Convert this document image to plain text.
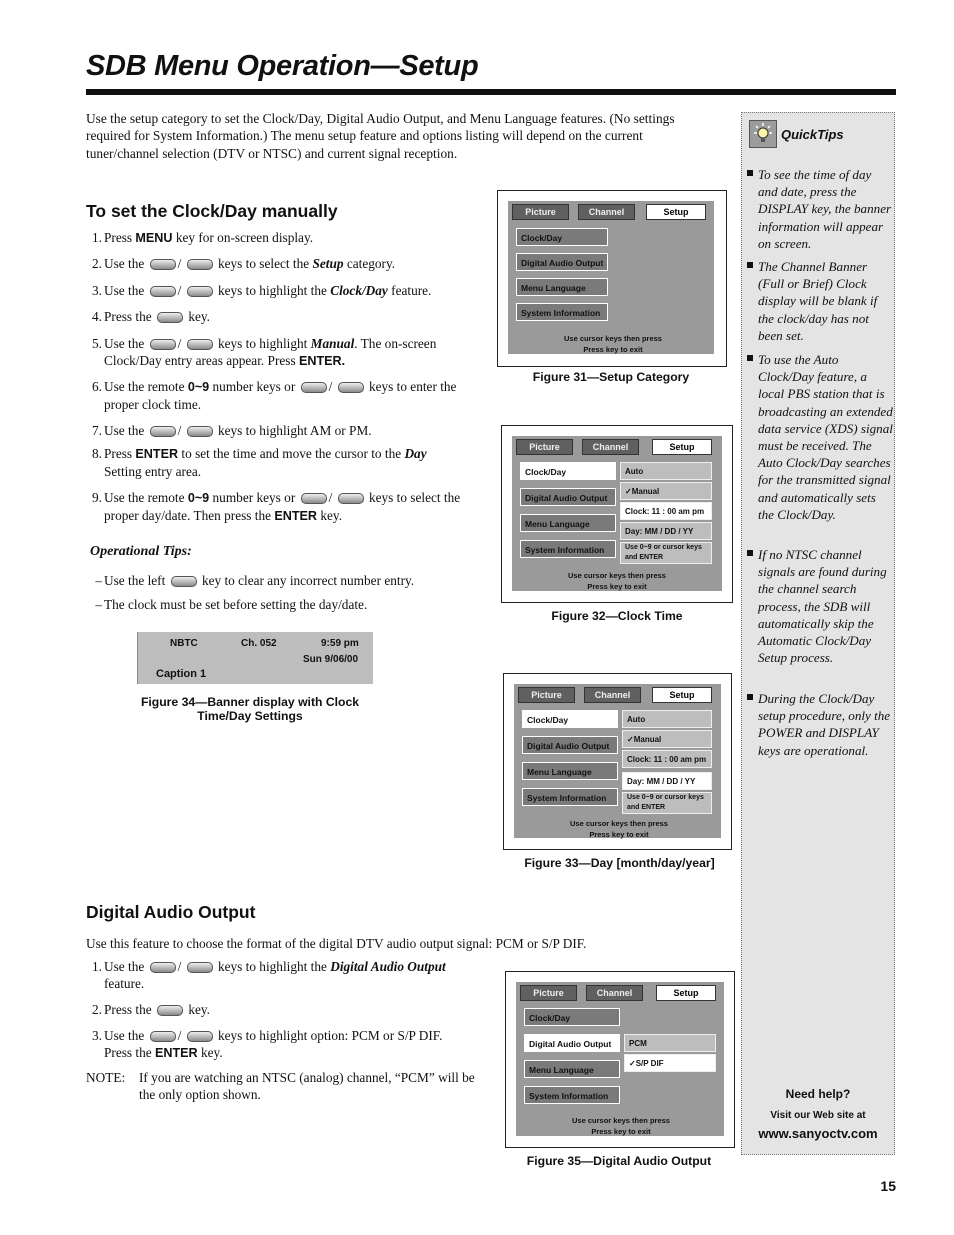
SDB Menu Operation—Setup
Use the setup category to set the Clock/Day, Digital Audio Output, and Menu Language features. (No settings required for System Information.) The menu setup feature and options listing will depend on the current tuner/channel selection (DTV or NTSC) and current signal reception.
To set the Clock/Day manually
1. Press MENU key for on-screen display.
2. Use the	/	keys to select the Setup category.
3. Use the	/	keys to highlight the Clock/Day feature.
4. Press the	key.
5. Use the	/	keys to highlight Manual. The on-screen Clock/Day entry areas appear. Press ENTER.
6. Use the remote 0~9 number keys or	/	keys to enter the proper clock time.
7. Use the	/	keys to highlight AM or PM.
8. Press ENTER to set the time and move the cursor to the Day Setting entry area.
9. Use the remote 0~9 number keys or	/	keys to select the proper day/date. Then press the ENTER key.
Operational Tips:
– Use the left	key to clear any incorrect number entry.
– The clock must be set before setting the day/date.
NBTC	Ch. 052	9:59 pm
Sun 9/06/00
Caption 1
Figure 34—Banner display with Clock
Time/Day Settings
Picture	Channel	Setup
Clock/Day
Digital Audio Output
Menu Language
System Information
Use cursor keys then press
Press key to exit
Figure 31—Setup Category
Picture	Channel	Setup
Clock/Day
Digital Audio Output
Menu Language
System Information
Auto
✓Manual
Clock: 11 : 00 am pm
Day: MM / DD / YY
Use 0~9 or cursor keys and ENTER
Use cursor keys then press
Press key to exit
Figure 32—Clock Time
Picture	Channel	Setup
Clock/Day
Digital Audio Output
Menu Language
System Information
Auto
✓Manual
Clock: 11 : 00 am pm
Day: MM / DD / YY
Use 0~9 or cursor keys and ENTER
Use cursor keys then press
Press key to exit
Figure 33—Day [month/day/year]
Digital Audio Output
Use this feature to choose the format of the digital DTV audio output signal: PCM or S/P DIF.
1. Use the	/	keys to highlight the Digital Audio Output feature.
2. Press the	key.
3. Use the	/	keys to highlight option: PCM or S/P DIF. Press the ENTER key.
NOTE: If you are watching an NTSC (analog) channel, “PCM” will be the only option shown.
Picture	Channel	Setup
Clock/Day
Digital Audio Output
Menu Language
System Information
PCM
✓S/P DIF
Use cursor keys then press
Press key to exit
Figure 35—Digital Audio Output
QuickTips
To see the time of day and date, press the DISPLAY key, the banner information will appear on screen.
The Channel Banner (Full or Brief) Clock display will be blank if the clock/day has not been set.
To use the Auto Clock/Day feature, a local PBS station that is broadcasting an extended data service (XDS) signal must be received. The Auto Clock/Day searches for the transmitted signal and automatically sets the Clock/Day.
If no NTSC channel signals are found during the channel search process, the SDB will automatically skip the Automatic Clock/Day Setup process.
During the Clock/Day setup procedure, only the POWER and DISPLAY keys are operational.
Need help?
Visit our Web site at
www.sanyoctv.com
15
